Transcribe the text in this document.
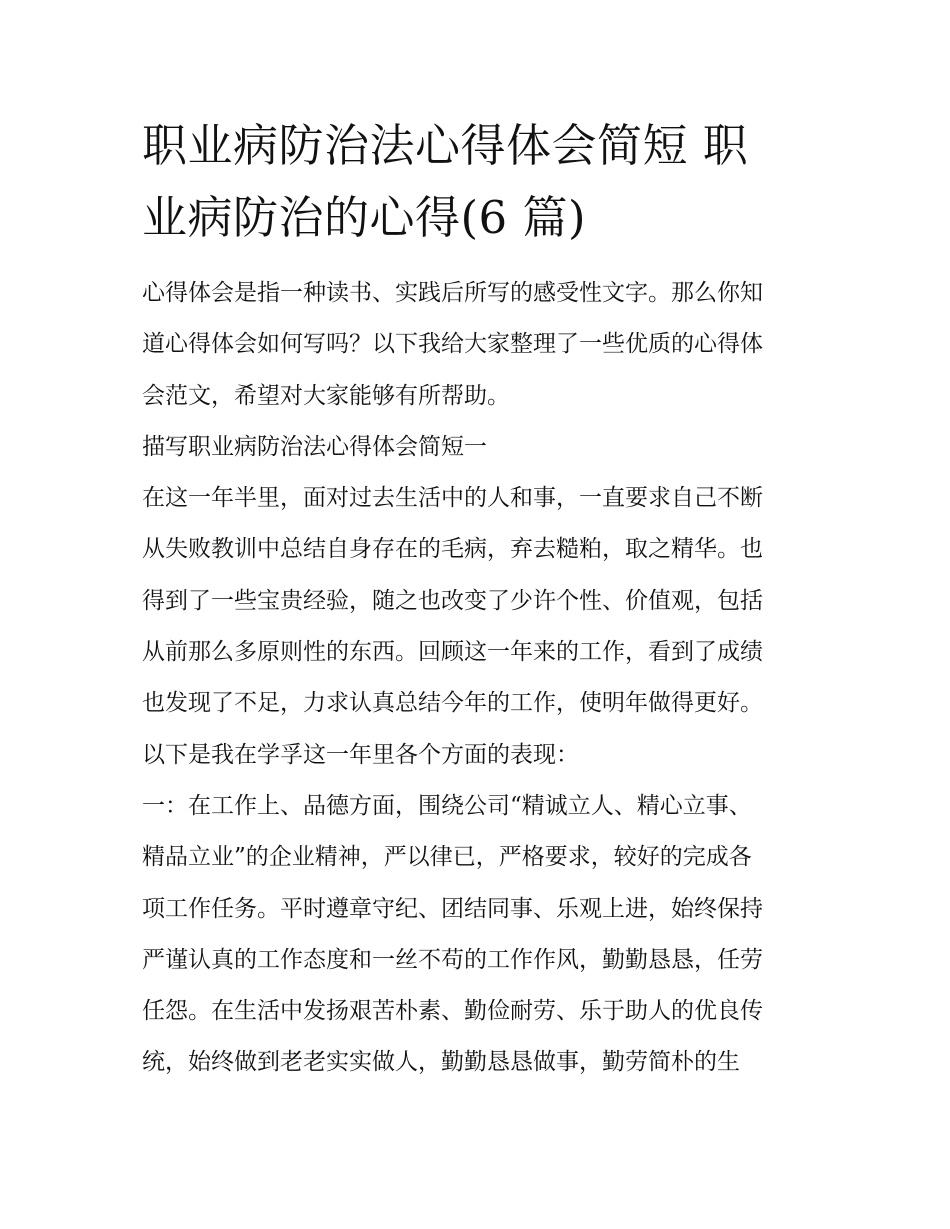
职业病防治法心得体会简短 职
业病防治的心得(6 篇)
心得体会是指一种读书、实践后所写的感受性文字。那么你知
道心得体会如何写吗？以下我给大家整理了一些优质的心得体
会范文，希望对大家能够有所帮助。
描写职业病防治法心得体会简短一
在这一年半里，面对过去生活中的人和事，一直要求自己不断
从失败教训中总结自身存在的毛病，弃去糙粕，取之精华。也
得到了一些宝贵经验，随之也改变了少许个性、价值观，包括
从前那么多原则性的东西。回顾这一年来的工作，看到了成绩
也发现了不足，力求认真总结今年的工作，使明年做得更好。
以下是我在学孚这一年里各个方面的表现：
一：在工作上、品德方面，围绕公司“精诚立人、精心立事、
精品立业”的企业精神，严以律已，严格要求，较好的完成各
项工作任务。平时遵章守纪、团结同事、乐观上进，始终保持
严谨认真的工作态度和一丝不苟的工作作风，勤勤恳恳，任劳
任怨。在生活中发扬艰苦朴素、勤俭耐劳、乐于助人的优良传
统，始终做到老老实实做人，勤勤恳恳做事，勤劳简朴的生
